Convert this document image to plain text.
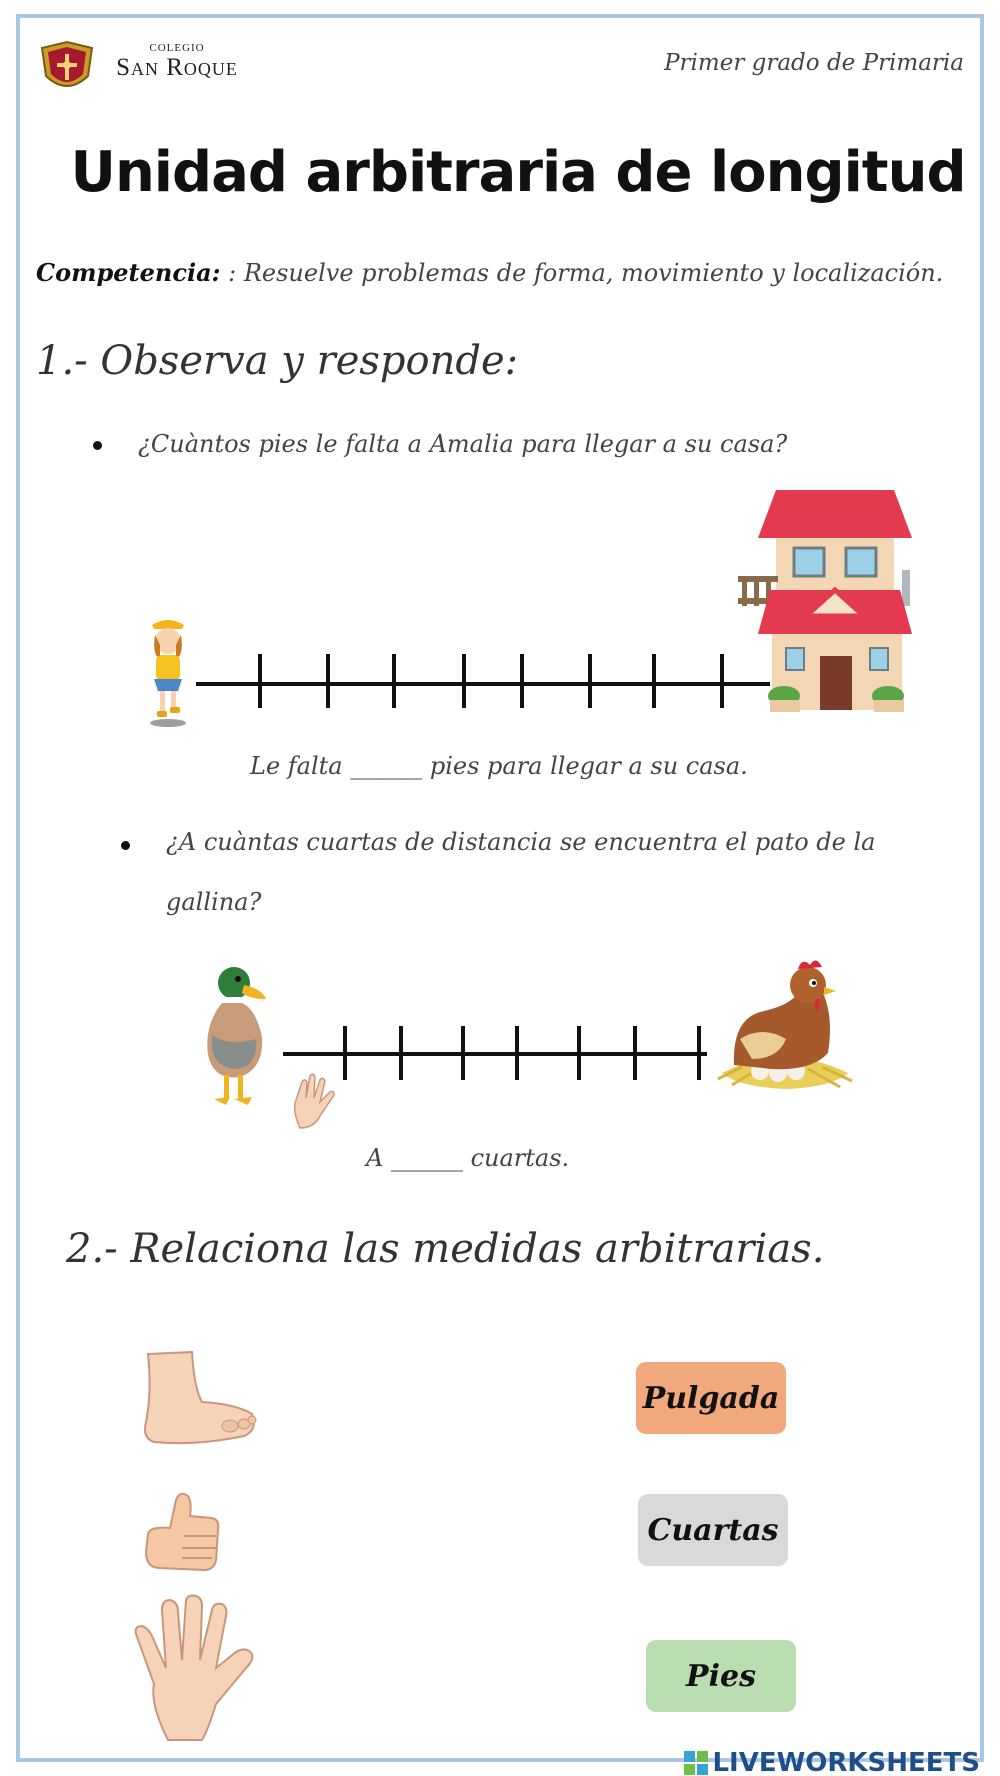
COLEGIO
San Roque	Primer grado de Primaria
Unidad arbitraria de longitud
Competencia: : Resuelve problemas de forma, movimiento y localización.
1.- Observa y responde:
¿Cuàntos pies le falta a Amalia para llegar a su casa?
Le falta ______ pies para llegar a su casa.
¿A cuàntas cuartas de distancia se encuentra el pato de la
gallina?
A ______ cuartas.
2.- Relaciona las medidas arbitrarias.
Pulgada
Cuartas
Pies
LIVEWORKSHEETS
